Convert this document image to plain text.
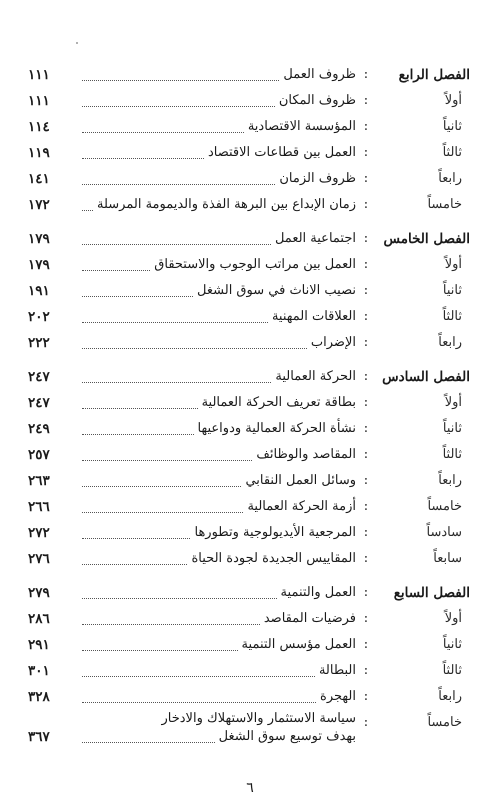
الفصل الرابع
:
ظروف العمل
١١١
أولاً
:
ظروف المكان
١١١
ثانياً
:
المؤسسة الاقتصادية
١١٤
ثالثاً
:
العمل بين قطاعات الاقتصاد
١١٩
رابعاً
:
ظروف الزمان
١٤١
خامساً
:
زمان الإبداع بين البرهة الفذة والديمومة المرسلة
١٧٢
الفصل الخامس
:
اجتماعية العمل
١٧٩
أولاً
:
العمل بين مراتب الوجوب والاستحقاق
١٧٩
ثانياً
:
نصيب الاناث في سوق الشغل
١٩١
ثالثاً
:
العلاقات المهنية
٢٠٢
رابعاً
:
الإضراب
٢٢٢
الفصل السادس
:
الحركة العمالية
٢٤٧
أولاً
:
بطاقة تعريف الحركة العمالية
٢٤٧
ثانياً
:
نشأة الحركة العمالية ودواعيها
٢٤٩
ثالثاً
:
المقاصد والوظائف
٢٥٧
رابعاً
:
وسائل العمل النقابي
٢٦٣
خامساً
:
أزمة الحركة العمالية
٢٦٦
سادساً
:
المرجعية الأيديولوجية وتطورها
٢٧٢
سابعاً
:
المقاييس الجديدة لجودة الحياة
٢٧٦
الفصل السابع
:
العمل والتنمية
٢٧٩
أولاً
:
فرضيات المقاصد
٢٨٦
ثانياً
:
العمل مؤسس التنمية
٢٩١
ثالثاً
:
البطالة
٣٠١
رابعاً
:
الهجرة
٣٢٨
خامساً
:
سياسة الاستثمار والاستهلاك والادخار
بهدف توسيع سوق الشغل
٣٦٧
٦
